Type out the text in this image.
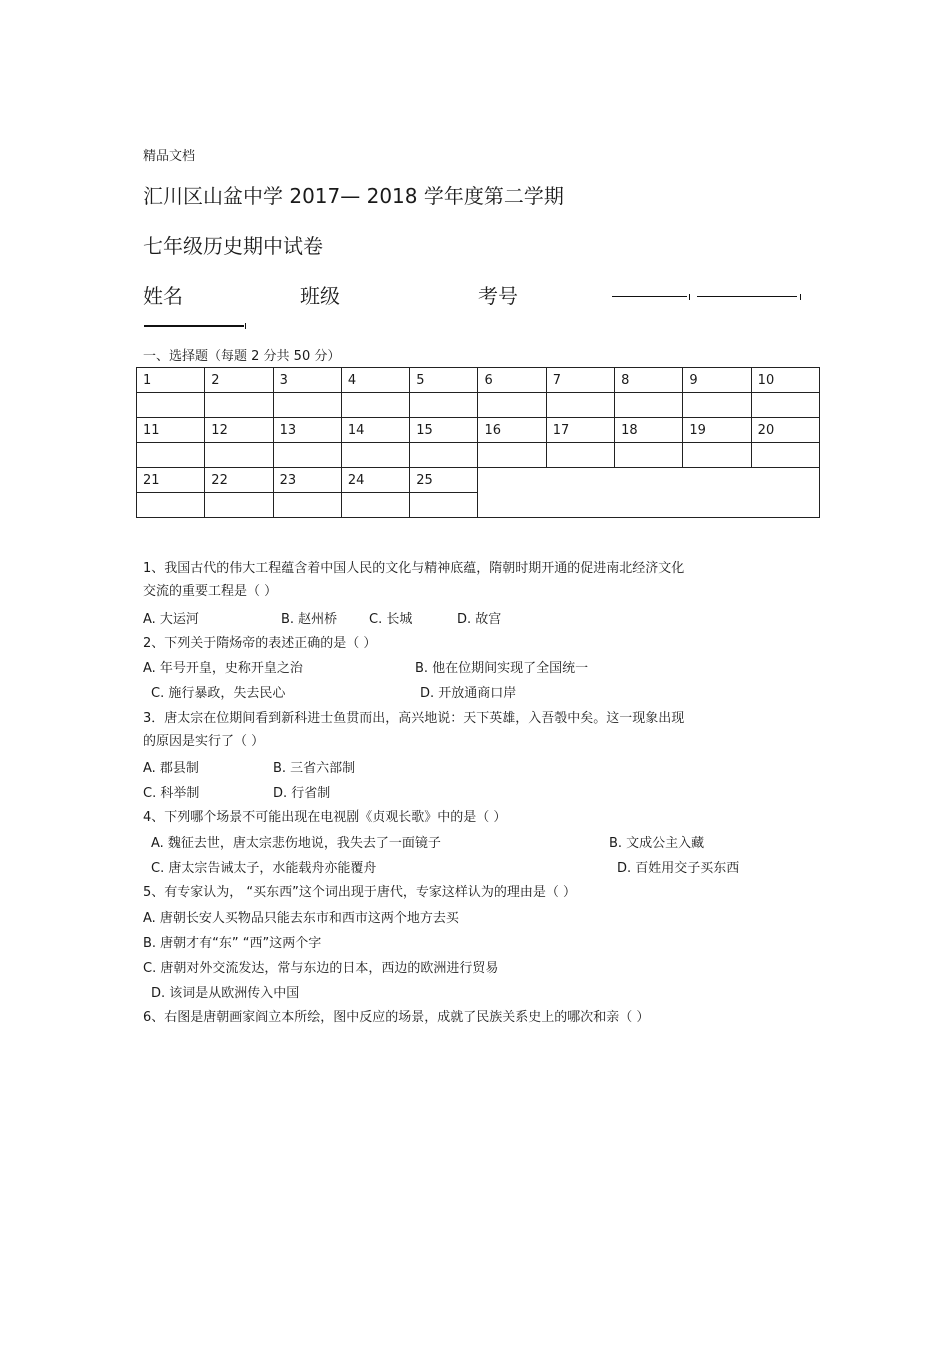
精品文档
汇川区山盆中学 2017— 2018 学年度第二学期
七年级历史期中试卷
姓名	班级	考号
一、选择题（每题 2 分共 50 分）
1	2	3	4	5	6	7	8	9	10

11	12	13	14	15	16	17	18	19	20

21	22	23	24	25					

1、我国古代的伟大工程蕴含着中国人民的文化与精神底蕴，隋朝时期开通的促进南北经济文化
交流的重要工程是（ ）
A. 大运河	B. 赵州桥 C. 长城	D. 故宫
2、下列关于隋炀帝的表述正确的是（ ）
A. 年号开皇，史称开皇之治	B. 他在位期间实现了全国统一
C. 施行暴政，失去民心	D. 开放通商口岸
3．唐太宗在位期间看到新科进士鱼贯而出，高兴地说：天下英雄，入吾彀中矣。这一现象出现
的原因是实行了（ ）
A. 郡县制	B. 三省六部制
C. 科举制	D. 行省制
4、下列哪个场景不可能出现在电视剧《贞观长歌》中的是（ ）
A. 魏征去世，唐太宗悲伤地说，我失去了一面镜子	B. 文成公主入藏
C. 唐太宗告诫太子，水能载舟亦能覆舟	D. 百姓用交子买东西
5、有专家认为， “买东西”这个词出现于唐代，专家这样认为的理由是（ ）
A. 唐朝长安人买物品只能去东市和西市这两个地方去买
B. 唐朝才有“东” “西”这两个字
C. 唐朝对外交流发达，常与东边的日本，西边的欧洲进行贸易
D. 该词是从欧洲传入中国
6、右图是唐朝画家阎立本所绘，图中反应的场景，成就了民族关系史上的哪次和亲（ ）
